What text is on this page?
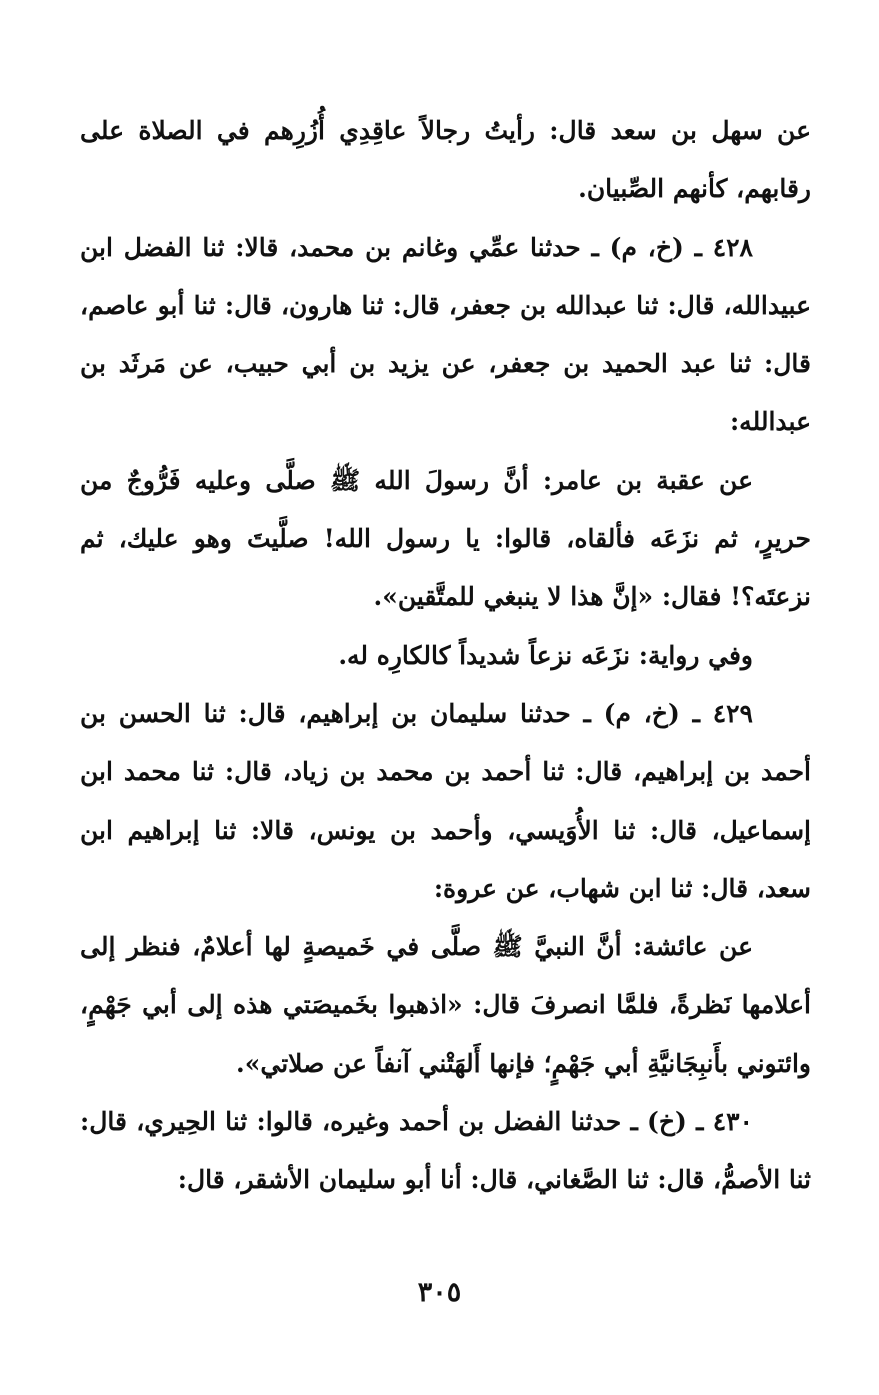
عن سهل بن سعد قال: رأيتُ رجالاً عاقِدِي أُزُرِهم في الصلاة على رقابهم، كأنهم الصِّبيان.

٤٢٨ ـ (خ، م) ـ حدثنا عمِّي وغانم بن محمد، قالا: ثنا الفضل ابن عبيدالله، قال: ثنا عبدالله بن جعفر، قال: ثنا هارون، قال: ثنا أبو عاصم، قال: ثنا عبد الحميد بن جعفر، عن يزيد بن أبي حبيب، عن مَرثَد بن عبدالله:

عن عقبة بن عامر: أنَّ رسولَ الله ﷺ صلَّى وعليه فَرُّوجٌ من حريرٍ، ثم نزَعَه فألقاه، قالوا: يا رسول الله! صلَّيتَ وهو عليك، ثم نزعتَه؟! فقال: «إنَّ هذا لا ينبغي للمتَّقين».

وفي رواية: نزَعَه نزعاً شديداً كالكارِه له.

٤٢٩ ـ (خ، م) ـ حدثنا سليمان بن إبراهيم، قال: ثنا الحسن بن أحمد بن إبراهيم، قال: ثنا أحمد بن محمد بن زياد، قال: ثنا محمد ابن إسماعيل، قال: ثنا الأُوَيسي، وأحمد بن يونس، قالا: ثنا إبراهيم ابن سعد، قال: ثنا ابن شهاب، عن عروة:

عن عائشة: أنَّ النبيَّ ﷺ صلَّى في خَميصةٍ لها أعلامٌ، فنظر إلى أعلامها نَظرةً، فلمَّا انصرفَ قال: «اذهبوا بخَميصَتي هذه إلى أبي جَهْمٍ، وائتوني بأَنبِجَانيَّةِ أبي جَهْمٍ؛ فإنها أَلهَتْني آنفاً عن صلاتي».

٤٣٠ ـ (خ) ـ حدثنا الفضل بن أحمد وغيره، قالوا: ثنا الحِيري، قال: ثنا الأصمُّ، قال: ثنا الصَّغاني، قال: أنا أبو سليمان الأشقر، قال:

٣٠٥
